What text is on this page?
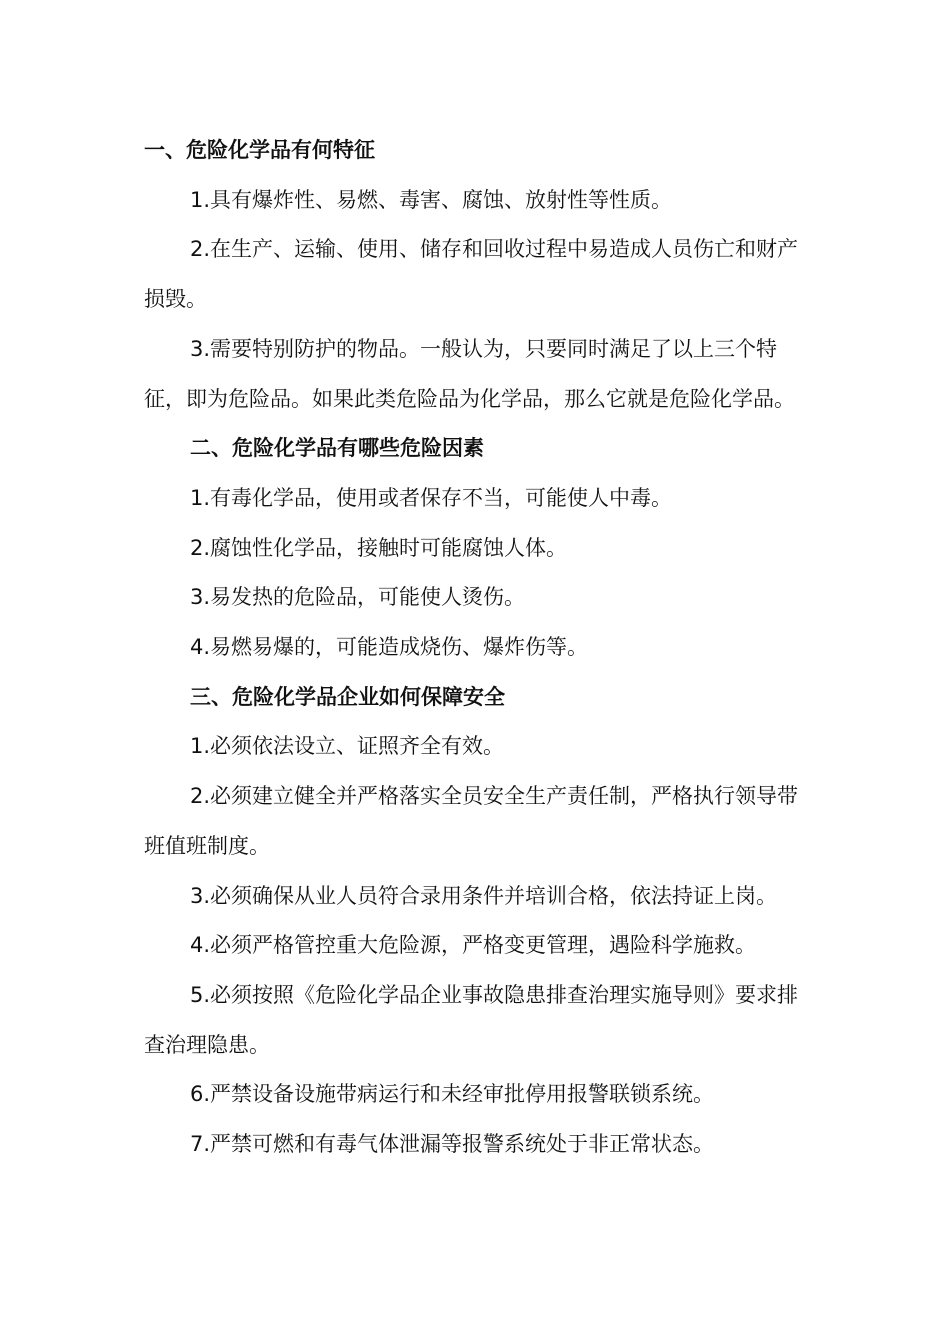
一、危险化学品有何特征

1.具有爆炸性、易燃、毒害、腐蚀、放射性等性质。

2.在生产、运输、使用、储存和回收过程中易造成人员伤亡和财产损毁。

3.需要特别防护的物品。一般认为，只要同时满足了以上三个特征，即为危险品。如果此类危险品为化学品，那么它就是危险化学品。

二、危险化学品有哪些危险因素

1.有毒化学品，使用或者保存不当，可能使人中毒。

2.腐蚀性化学品，接触时可能腐蚀人体。

3.易发热的危险品，可能使人烫伤。

4.易燃易爆的，可能造成烧伤、爆炸伤等。

三、危险化学品企业如何保障安全

1.必须依法设立、证照齐全有效。

2.必须建立健全并严格落实全员安全生产责任制，严格执行领导带班值班制度。

3.必须确保从业人员符合录用条件并培训合格，依法持证上岗。

4.必须严格管控重大危险源，严格变更管理，遇险科学施救。

5.必须按照《危险化学品企业事故隐患排查治理实施导则》要求排查治理隐患。

6.严禁设备设施带病运行和未经审批停用报警联锁系统。

7.严禁可燃和有毒气体泄漏等报警系统处于非正常状态。
